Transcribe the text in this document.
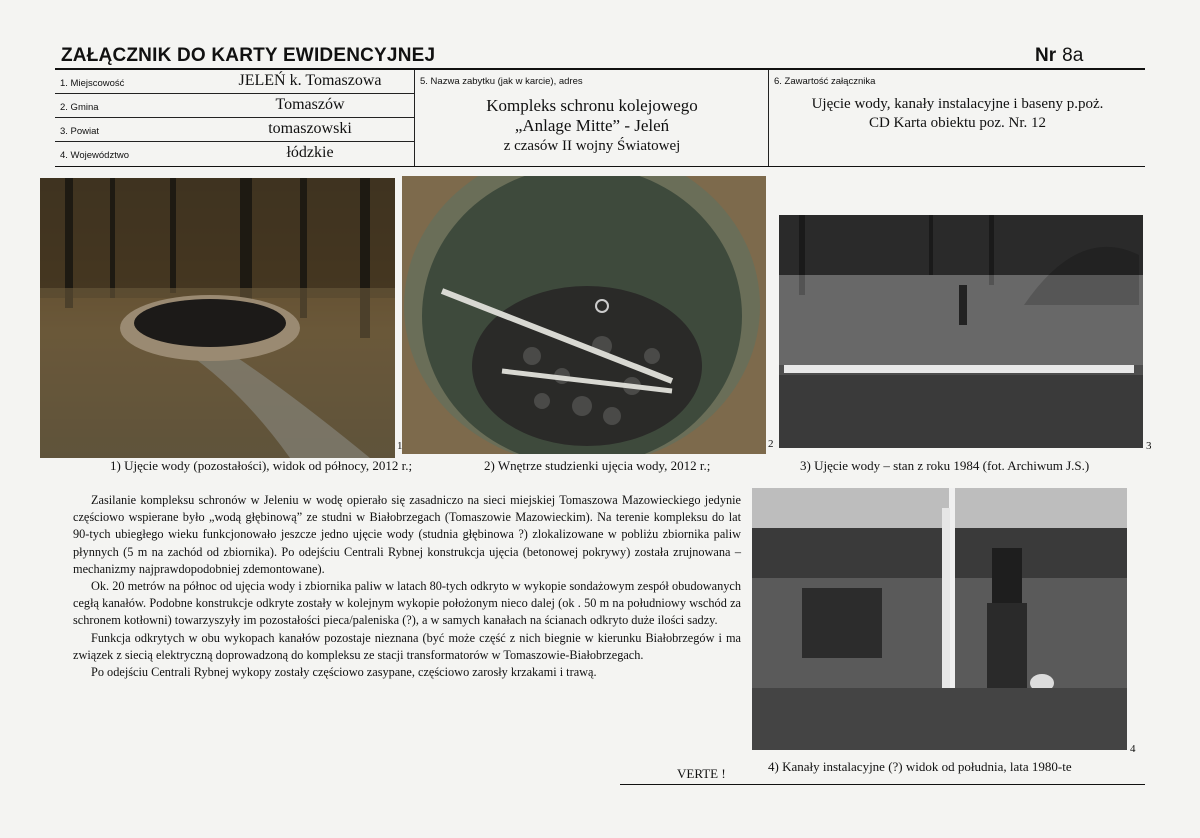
ZAŁĄCZNIK DO KARTY EWIDENCYJNEJ	Nr 8a
1. Miejscowość	JELEŃ k. Tomaszowa
2. Gmina	Tomaszów
3. Powiat	tomaszowski
4. Województwo	łódzkie
5. Nazwa zabytku (jak w karcie), adres
Kompleks schronu kolejowego
„Anlage Mitte” - Jeleń
z czasów II wojny Światowej
6. Zawartość załącznika
Ujęcie wody, kanały instalacyjne i baseny p.poż.
CD Karta obiektu poz. Nr. 12
1	2	3
1) Ujęcie wody (pozostałości), widok od północy, 2012 r.;	2) Wnętrze studzienki ujęcia wody, 2012 r.;	3) Ujęcie wody – stan z roku 1984 (fot. Archiwum J.S.)

Zasilanie kompleksu schronów w Jeleniu w wodę opierało się zasadniczo na sieci miejskiej Tomaszowa Mazowieckiego jedynie częściowo wspierane było „wodą głębinową” ze studni w Białobrzegach (Tomaszowie Mazowieckim). Na terenie kompleksu do lat 90-tych ubiegłego wieku funkcjonowało jeszcze jedno ujęcie wody (studnia głębinowa ?) zlokalizowane w pobliżu zbiornika paliw płynnych (5 m na zachód od zbiornika). Po odejściu Centrali Rybnej konstrukcja ujęcia (betonowej pokrywy) została zrujnowana – mechanizmy najprawdopodobniej zdemontowane).

Ok. 20 metrów na północ od ujęcia wody i zbiornika paliw w latach 80-tych odkryto w wykopie sondażowym zespół obudowanych cegłą kanałów. Podobne konstrukcje odkryte zostały w kolejnym wykopie położonym nieco dalej (ok . 50 m na południowy wschód za schronem kotłowni) towarzyszyły im pozostałości pieca/paleniska (?), a w samych kanałach na ścianach odkryto duże ilości sadzy.

Funkcja odkrytych w obu wykopach kanałów pozostaje nieznana (być może część z nich biegnie w kierunku Białobrzegów i ma związek z siecią elektryczną doprowadzoną do kompleksu ze stacji transformatorów w Tomaszowie-Białobrzegach.

Po odejściu Centrali Rybnej wykopy zostały częściowo zasypane, częściowo zarosły krzakami i trawą.

4
4) Kanały instalacyjne (?) widok od południa, lata 1980-te
VERTE !
